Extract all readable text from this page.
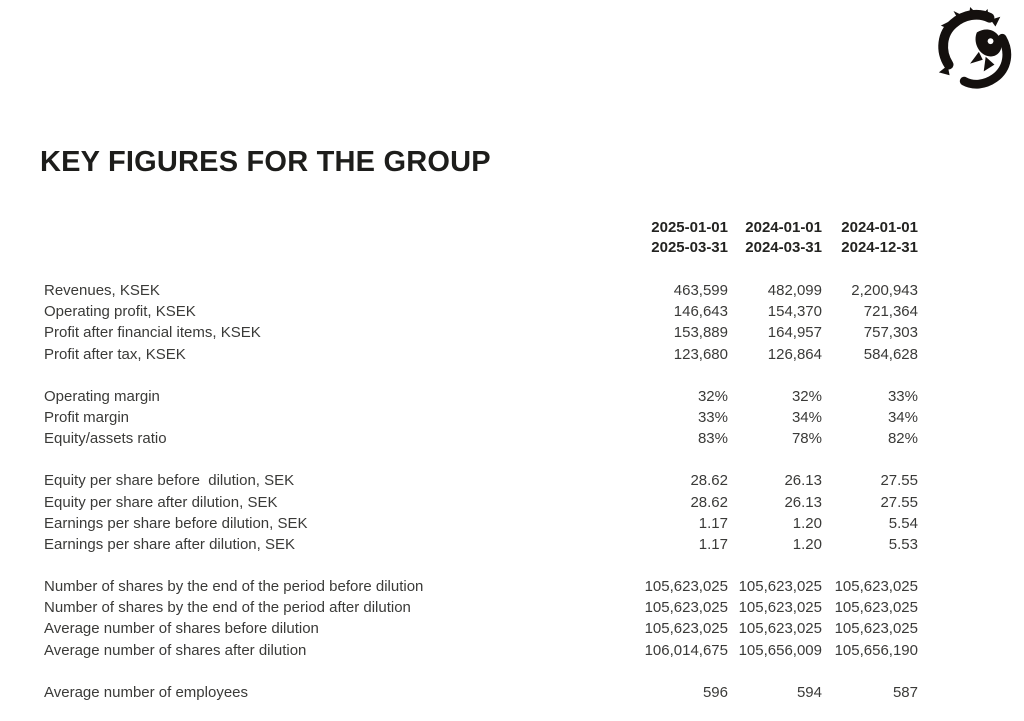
KEY FIGURES FOR THE GROUP
2025-01-01	2024-01-01	2024-01-01
2025-03-31	2024-03-31	2024-12-31
Revenues, KSEK	463,599	482,099	2,200,943
Operating profit, KSEK	146,643	154,370	721,364
Profit after financial items, KSEK	153,889	164,957	757,303
Profit after tax, KSEK	123,680	126,864	584,628
Operating margin	32%	32%	33%
Profit margin	33%	34%	34%
Equity/assets ratio	83%	78%	82%
Equity per share before  dilution, SEK	28.62	26.13	27.55
Equity per share after dilution, SEK	28.62	26.13	27.55
Earnings per share before dilution, SEK	1.17	1.20	5.54
Earnings per share after dilution, SEK	1.17	1.20	5.53
Number of shares by the end of the period before dilution	105,623,025 105,623,025 105,623,025
Number of shares by the end of the period after dilution	105,623,025 105,623,025 105,623,025
Average number of shares before dilution	105,623,025 105,623,025 105,623,025
Average number of shares after dilution	106,014,675 105,656,009 105,656,190
Average number of employees	596	594	587
